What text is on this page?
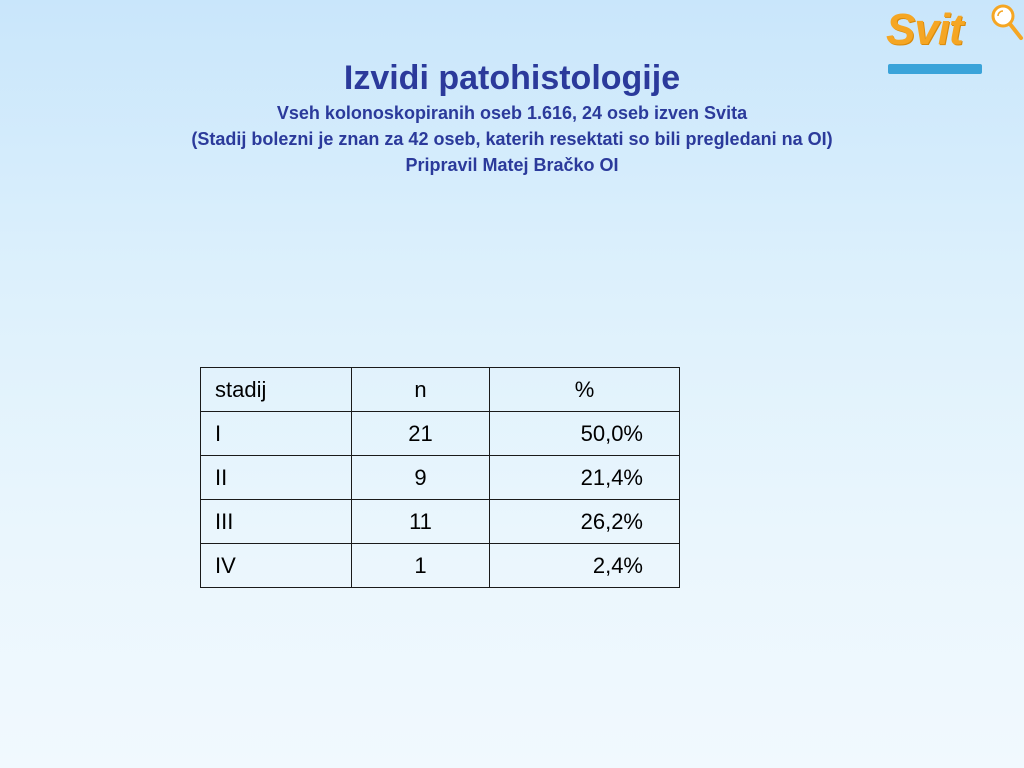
Svit
Izvidi patohistologije

Vseh kolonoskopiranih oseb 1.616, 24 oseb izven Svita

(Stadij bolezni je znan za 42 oseb, katerih resektati so bili pregledani na OI)

Pripravil Matej Bračko OI

stadij	n	%
I	21	50,0%
II	9	21,4%
III	11	26,2%
IV	1	2,4%
